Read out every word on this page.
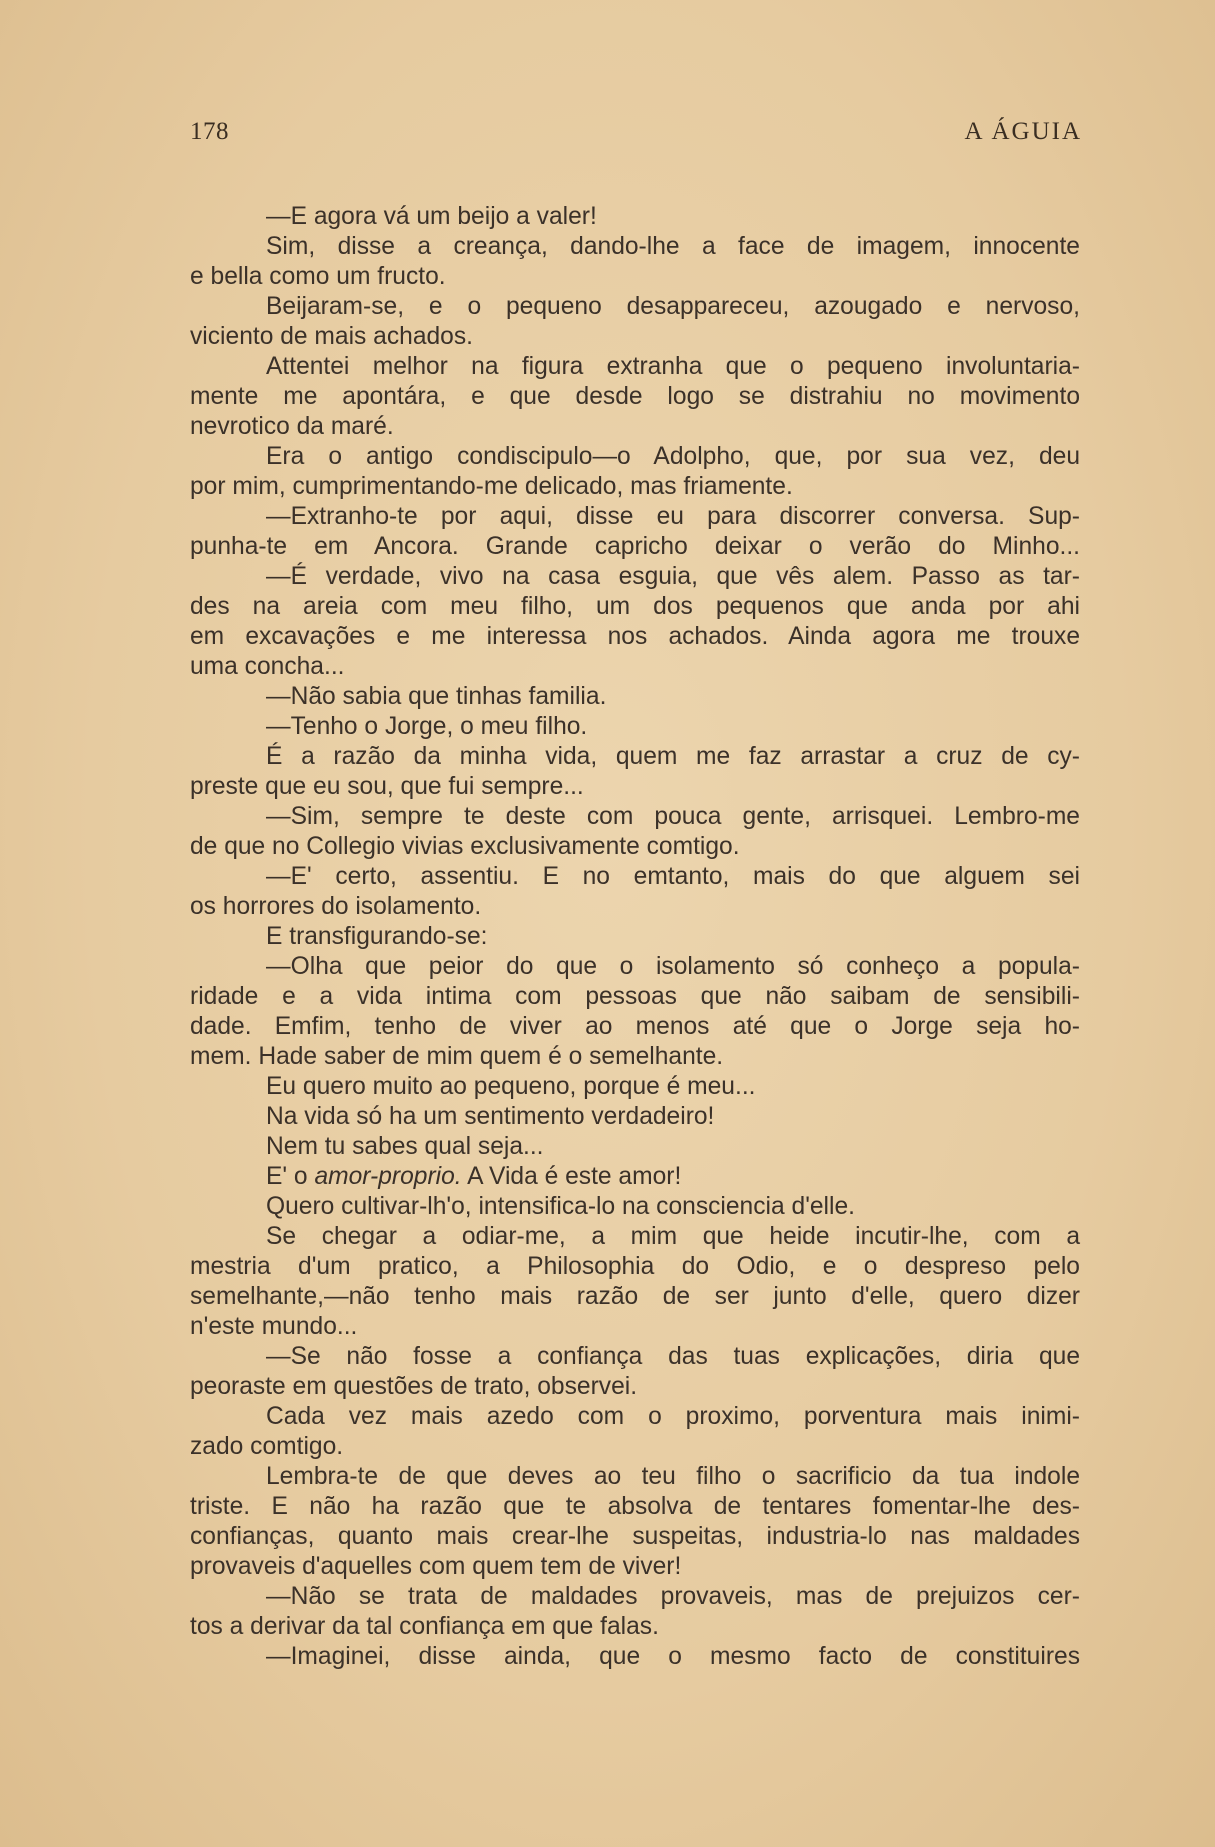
178	A ÁGUIA
—E agora vá um beijo a valer!
Sim, disse a creança, dando-lhe a face de imagem, innocente
e bella como um fructo.
Beijaram-se, e o pequeno desappareceu, azougado e nervoso,
viciento de mais achados.
Attentei melhor na figura extranha que o pequeno involuntaria-
mente me apontára, e que desde logo se distrahiu no movimento
nevrotico da maré.
Era o antigo condiscipulo—o Adolpho, que, por sua vez, deu
por mim, cumprimentando-me delicado, mas friamente.
—Extranho-te por aqui, disse eu para discorrer conversa. Sup-
punha-te em Ancora. Grande capricho deixar o verão do Minho...
—É verdade, vivo na casa esguia, que vês alem. Passo as tar-
des na areia com meu filho, um dos pequenos que anda por ahi
em excavações e me interessa nos achados. Ainda agora me trouxe
uma concha...
—Não sabia que tinhas familia.
—Tenho o Jorge, o meu filho.
É a razão da minha vida, quem me faz arrastar a cruz de cy-
preste que eu sou, que fui sempre...
—Sim, sempre te deste com pouca gente, arrisquei. Lembro-me
de que no Collegio vivias exclusivamente comtigo.
—E' certo, assentiu. E no emtanto, mais do que alguem sei
os horrores do isolamento.
E transfigurando-se:
—Olha que peior do que o isolamento só conheço a popula-
ridade e a vida intima com pessoas que não saibam de sensibili-
dade. Emfim, tenho de viver ao menos até que o Jorge seja ho-
mem. Hade saber de mim quem é o semelhante.
Eu quero muito ao pequeno, porque é meu...
Na vida só ha um sentimento verdadeiro!
Nem tu sabes qual seja...
E' o amor-proprio. A Vida é este amor!
Quero cultivar-lh'o, intensifica-lo na consciencia d'elle.
Se chegar a odiar-me, a mim que heide incutir-lhe, com a
mestria d'um pratico, a Philosophia do Odio, e o despreso pelo
semelhante,—não tenho mais razão de ser junto d'elle, quero dizer
n'este mundo...
—Se não fosse a confiança das tuas explicações, diria que
peoraste em questões de trato, observei.
Cada vez mais azedo com o proximo, porventura mais inimi-
zado comtigo.
Lembra-te de que deves ao teu filho o sacrificio da tua indole
triste. E não ha razão que te absolva de tentares fomentar-lhe des-
confianças, quanto mais crear-lhe suspeitas, industria-lo nas maldades
provaveis d'aquelles com quem tem de viver!
—Não se trata de maldades provaveis, mas de prejuizos cer-
tos a derivar da tal confiança em que falas.
—Imaginei, disse ainda, que o mesmo facto de constituires
